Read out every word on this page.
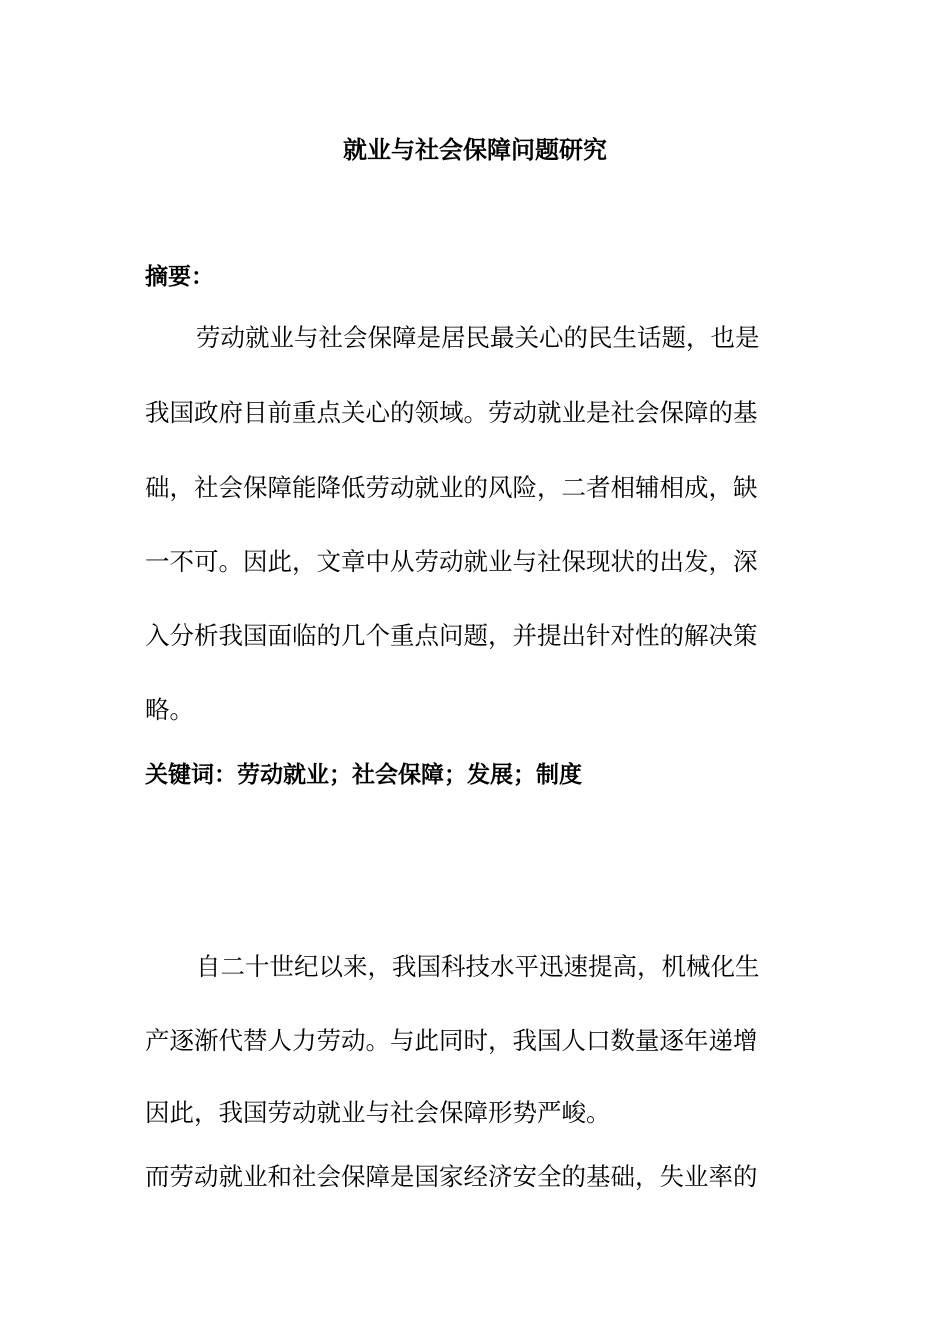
就业与社会保障问题研究
摘要：
劳动就业与社会保障是居民最关心的民生话题，也是
我国政府目前重点关心的领域。劳动就业是社会保障的基
础，社会保障能降低劳动就业的风险，二者相辅相成，缺
一不可。因此，文章中从劳动就业与社保现状的出发，深
入分析我国面临的几个重点问题，并提出针对性的解决策
略。
关键词：劳动就业；社会保障；发展；制度
自二十世纪以来，我国科技水平迅速提高，机械化生
产逐渐代替人力劳动。与此同时，我国人口数量逐年递增
因此，我国劳动就业与社会保障形势严峻。
而劳动就业和社会保障是国家经济安全的基础，失业率的
